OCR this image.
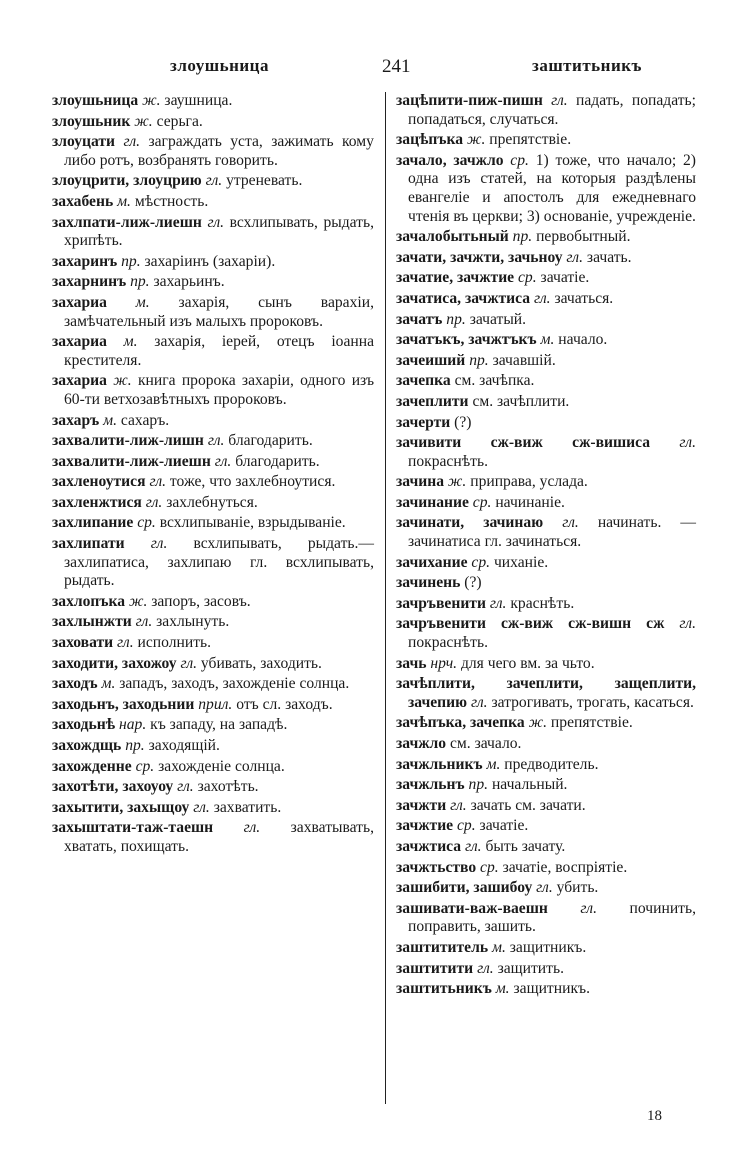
злоушьница	241	заштитьникъ

злоушьница ж. заушница.

злоушьник ж. серьга.

злоуцати гл. заграждать уста, зажимать кому либо ротъ, возбранять говорить.

злоуцрити, злоуцрию гл. утреневать.

захабень м. мѣстность.

захлпати-лиж-лиешн гл. всхлипывать, рыдать, хрипѣть.

захаринъ пр. захаріинъ (захаріи).

захарнинъ пр. захарьинъ.

захариа м. захарія, сынъ варахіи, замѣчательный изъ малыхъ пророковъ.

захариа м. захарія, іерей, отецъ іоанна крестителя.

захариа ж. книга пророка захаріи, одного изъ 60-ти ветхозавѣтныхъ пророковъ.

захаръ м. сахаръ.

захвалити-лиж-лишн гл. благодарить.

захвалити-лиж-лиешн гл. благодарить.

захленоутися гл. тоже, что захлебноутися.

захленжтися гл. захлебнуться.

захлипание ср. всхлипываніе, взрыдываніе.

захлипати гл. всхлипывать, рыдать.— захлипатиса, захлипаю гл. всхлипывать, рыдать.

захлопъка ж. запоръ, засовъ.

захлынжти гл. захлынуть.

заховати гл. исполнить.

заходити, захожоу гл. убивать, заходить.

заходъ м. западъ, заходъ, захожденіе солнца.

заходьнъ, заходьнии прил. отъ сл. заходъ.

заходьнѣ нар. къ западу, на западѣ.

захождщь пр. заходящій.

захожденне ср. захожденіе солнца.

захотѣти, захоуоу гл. захотѣть.

захытити, захыщоу гл. захватить.

захыштати-таж-таешн гл. захватывать, хватать, похищать.

зацѣпити-пиж-пишн гл. падать, попадать; попадаться, случаться.

зацѣпъка ж. препятствіе.

зачало, зачжло ср. 1) тоже, что начало; 2) одна изъ статей, на которыя раздѣлены евангеліе и апостолъ для ежедневнаго чтенія въ церкви; 3) основаніе, учрежденіе.

зачалобытьный пр. первобытный.

зачати, зачжти, зачьноу гл. зачать.

зачатие, зачжтие ср. зачатіе.

зачатиса, зачжтиса гл. зачаться.

зачатъ пр. зачатый.

зачатъкъ, зачжтъкъ м. начало.

зачеиший пр. зачавшій.

зачепка см. зачѣпка.

зачеплити см. зачѣплити.

зачерти (?)

зачивити сж-виж сж-вишиса гл. покраснѣть.

зачина ж. приправа, услада.

зачинание ср. начинаніе.

зачинати, зачинаю гл. начинать. — зачинатиса гл. зачинаться.

зачихание ср. чиханіе.

зачинень (?)

зачръвенити гл. краснѣть.

зачръвенити сж-виж сж-вишн сж гл. покраснѣть.

зачь нрч. для чего вм. за чьто.

зачѣплити, зачеплити, защеплити, зачепию гл. затрогивать, трогать, касаться.

зачѣпъка, зачепка ж. препятствіе.

зачжло см. зачало.

зачжльникъ м. предводитель.

зачжльнъ пр. начальный.

зачжти гл. зачать см. зачати.

зачжтие ср. зачатіе.

зачжтиса гл. быть зачату.

зачжтьство ср. зачатіе, воспріятіе.

зашибити, зашибоу гл. убить.

зашивати-важ-ваешн гл. починить, поправить, зашить.

заштититель м. защитникъ.

заштитити гл. защитить.

заштитьникъ м. защитникъ.

18
